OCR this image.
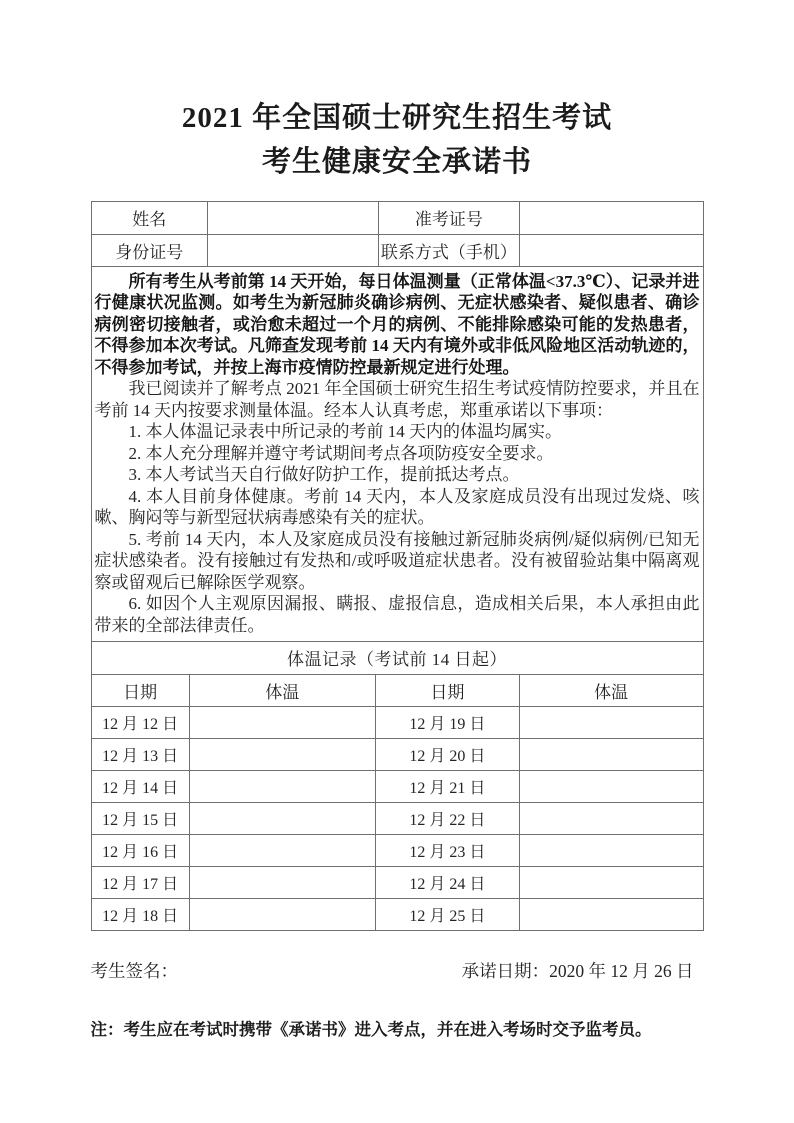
2021 年全国硕士研究生招生考试
考生健康安全承诺书
姓名		准考证号	
身份证号		联系方式（手机）	

所有考生从考前第 14 天开始，每日体温测量（正常体温<37.3℃）、记录并进行健康状况监测。如考生为新冠肺炎确诊病例、无症状感染者、疑似患者、确诊病例密切接触者，或治愈未超过一个月的病例、不能排除感染可能的发热患者，不得参加本次考试。凡筛查发现考前 14 天内有境外或非低风险地区活动轨迹的，不得参加考试，并按上海市疫情防控最新规定进行处理。

我已阅读并了解考点 2021 年全国硕士研究生招生考试疫情防控要求，并且在考前 14 天内按要求测量体温。经本人认真考虑，郑重承诺以下事项：

1. 本人体温记录表中所记录的考前 14 天内的体温均属实。

2. 本人充分理解并遵守考试期间考点各项防疫安全要求。

3. 本人考试当天自行做好防护工作，提前抵达考点。

4. 本人目前身体健康。考前 14 天内，本人及家庭成员没有出现过发烧、咳嗽、胸闷等与新型冠状病毒感染有关的症状。

5. 考前 14 天内，本人及家庭成员没有接触过新冠肺炎病例/疑似病例/已知无症状感染者。没有接触过有发热和/或呼吸道症状患者。没有被留验站集中隔离观察或留观后已解除医学观察。

6. 如因个人主观原因漏报、瞒报、虚报信息，造成相关后果，本人承担由此带来的全部法律责任。

体温记录（考试前 14 日起）			
日期	体温	日期	体温
12 月 12 日		12 月 19 日	
12 月 13 日		12 月 20 日	
12 月 14 日		12 月 21 日	
12 月 15 日		12 月 22 日	
12 月 16 日		12 月 23 日	
12 月 17 日		12 月 24 日	
12 月 18 日		12 月 25 日	
考生签名：	承诺日期：2020 年 12 月 26 日

注：考生应在考试时携带《承诺书》进入考点，并在进入考场时交予监考员。
